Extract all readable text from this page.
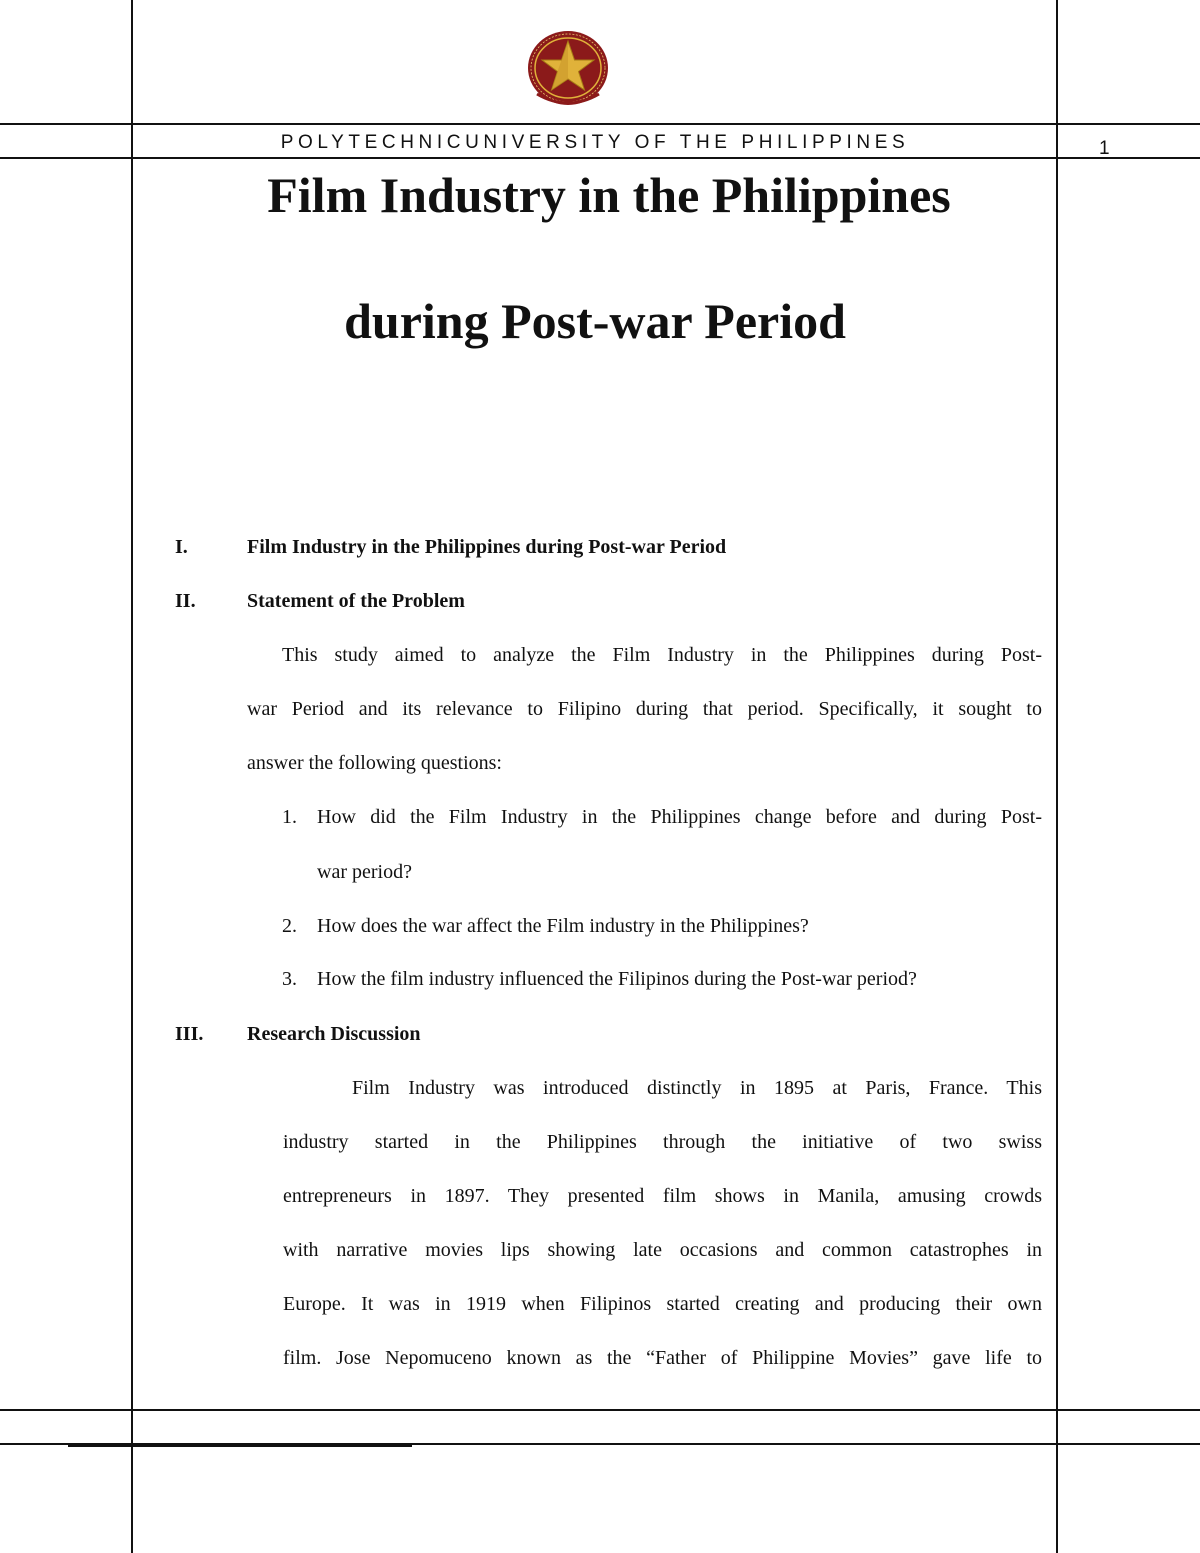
POLYTECHNICUNIVERSITY OF THE PHILIPPINES	1
Film Industry in the Philippines
during Post-war Period
I.	Film Industry in the Philippines during Post-war Period
II.	Statement of the Problem
This study aimed to analyze the Film Industry in the Philippines during Post-
war Period and its relevance to Filipino during that period. Specifically, it sought to
answer the following questions:
1. How did the Film Industry in the Philippines change before and during Post-
war period?
2. How does the war affect the Film industry in the Philippines?
3. How the film industry influenced the Filipinos during the Post-war period?
III. Research Discussion
Film Industry was introduced distinctly in 1895 at Paris, France. This
industry started in the Philippines through the initiative of two swiss
entrepreneurs in 1897. They presented film shows in Manila, amusing crowds
with narrative movies lips showing late occasions and common catastrophes in
Europe. It was in 1919 when Filipinos started creating and producing their own
film. Jose Nepomuceno known as the “Father of Philippine Movies” gave life to
